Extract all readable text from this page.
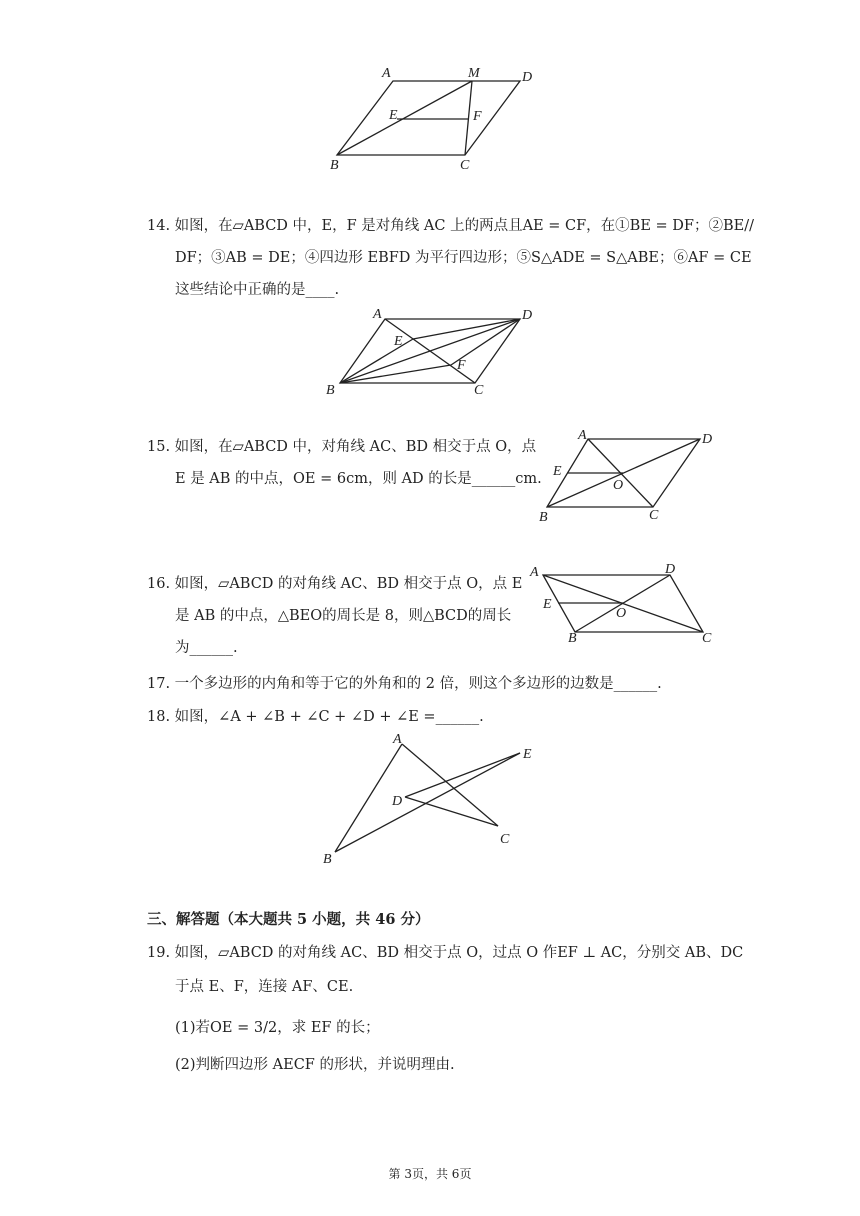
A	M	D
E	F
B	C
14. 如图，在▱ABCD 中，E，F 是对角线 AC 上的两点且AE = CF，在①BE = DF；②BE//
DF；③AB = DE；④四边形 EBFD 为平行四边形；⑤S△ADE = S△ABE；⑥AF = CE
这些结论中正确的是____.
A	D
E
F
B	C
15. 如图，在▱ABCD 中，对角线 AC、BD 相交于点 O，点
E 是 AB 的中点，OE = 6cm，则 AD 的长是______cm.
A	D
E
O
B	C
16. 如图，▱ABCD 的对角线 AC、BD 相交于点 O，点 E
是 AB 的中点，△BEO的周长是 8，则△BCD的周长
为______.
A	D
E
O
B	C
17. 一个多边形的内角和等于它的外角和的 2 倍，则这个多边形的边数是______.
18. 如图，∠A + ∠B + ∠C + ∠D + ∠E =______.
A
E
D
C
B
三、解答题（本大题共 5 小题，共 46 分）
19. 如图，▱ABCD 的对角线 AC、BD 相交于点 O，过点 O 作EF ⊥ AC，分别交 AB、DC
于点 E、F，连接 AF、CE.
(1)若OE = 3/2，求 EF 的长；
(2)判断四边形 AECF 的形状，并说明理由.
第 3页，共 6页
